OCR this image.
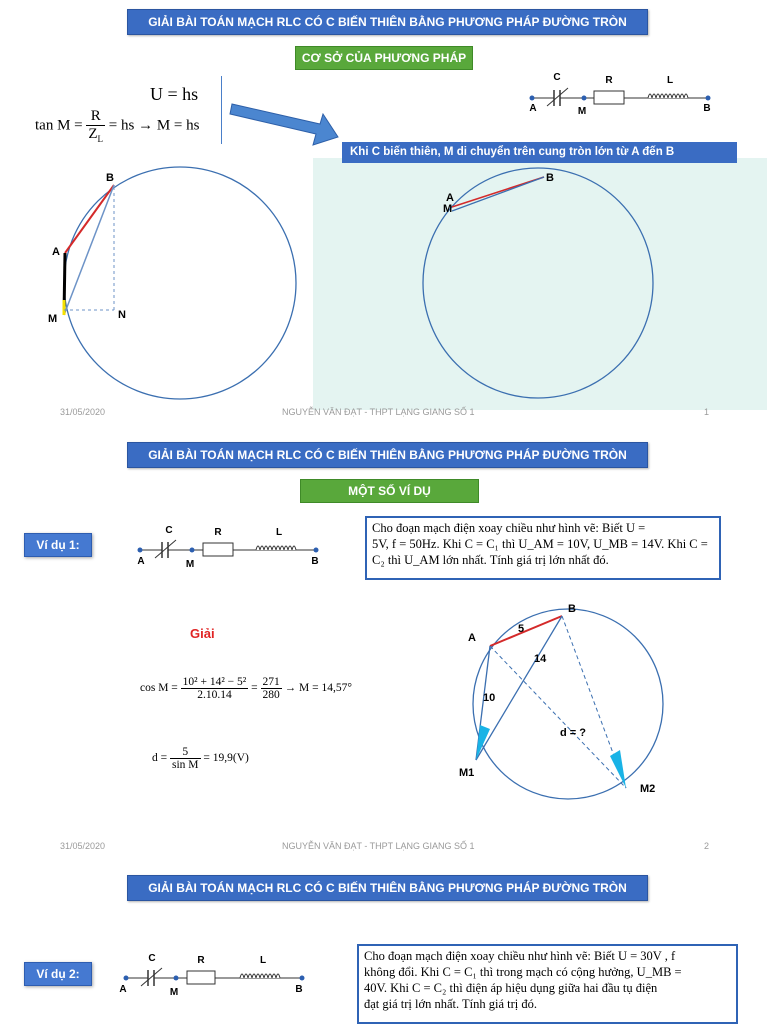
GIẢI BÀI TOÁN MẠCH RLC CÓ C BIẾN THIÊN BẰNG PHƯƠNG PHÁP ĐƯỜNG TRÒN
CƠ SỞ CỦA PHƯƠNG PHÁP
C	R	L
A	M	B
U = hs
$\tan M = \frac{R}{Z_L}$ = hs → M = hs
Khi C biến thiên, M di chuyển trên cung tròn lớn từ A đến B
B
A
M	N
B
A
M
31/05/2020	NGUYỄN VĂN ĐẠT - THPT LẠNG GIANG SỐ 1	1
GIẢI BÀI TOÁN MẠCH RLC CÓ C BIẾN THIÊN BẰNG PHƯƠNG PHÁP ĐƯỜNG TRÒN
MỘT SỐ VÍ DỤ
Ví dụ 1:
C	R	L
A	M	B
Cho đoạn mạch điện xoay chiều như hình vẽ: Biết U =
5V, f = 50Hz. Khi C = C₁ thì U_AM = 10V, U_MB = 14V. Khi C =
C₂ thì U_AM lớn nhất. Tính giá trị lớn nhất đó.
Giải
$\cos M = \frac{\text{10² + 14² − 5²}}{2.10.14} = \frac{271}{280} \to M = 14,57^\circ$
$d = \frac{5}{\text{sin M}} = 19,9(V)$
B
A
M1
M2
5
14
10
d = ?
31/05/2020	NGUYỄN VĂN ĐẠT - THPT LẠNG GIANG SỐ 1	2
GIẢI BÀI TOÁN MẠCH RLC CÓ C BIẾN THIÊN BẰNG PHƯƠNG PHÁP ĐƯỜNG TRÒN
Ví dụ 2:
C	R	L
A	M	B
Cho đoạn mạch điện xoay chiều như hình vẽ: Biết U = 30V , f
không đổi. Khi C = C₁ thì trong mạch có cộng hưởng, U_MB =
40V. Khi C = C₂ thì điện áp hiệu dụng giữa hai đầu tụ điện
đạt giá trị lớn nhất. Tính giá trị đó.
